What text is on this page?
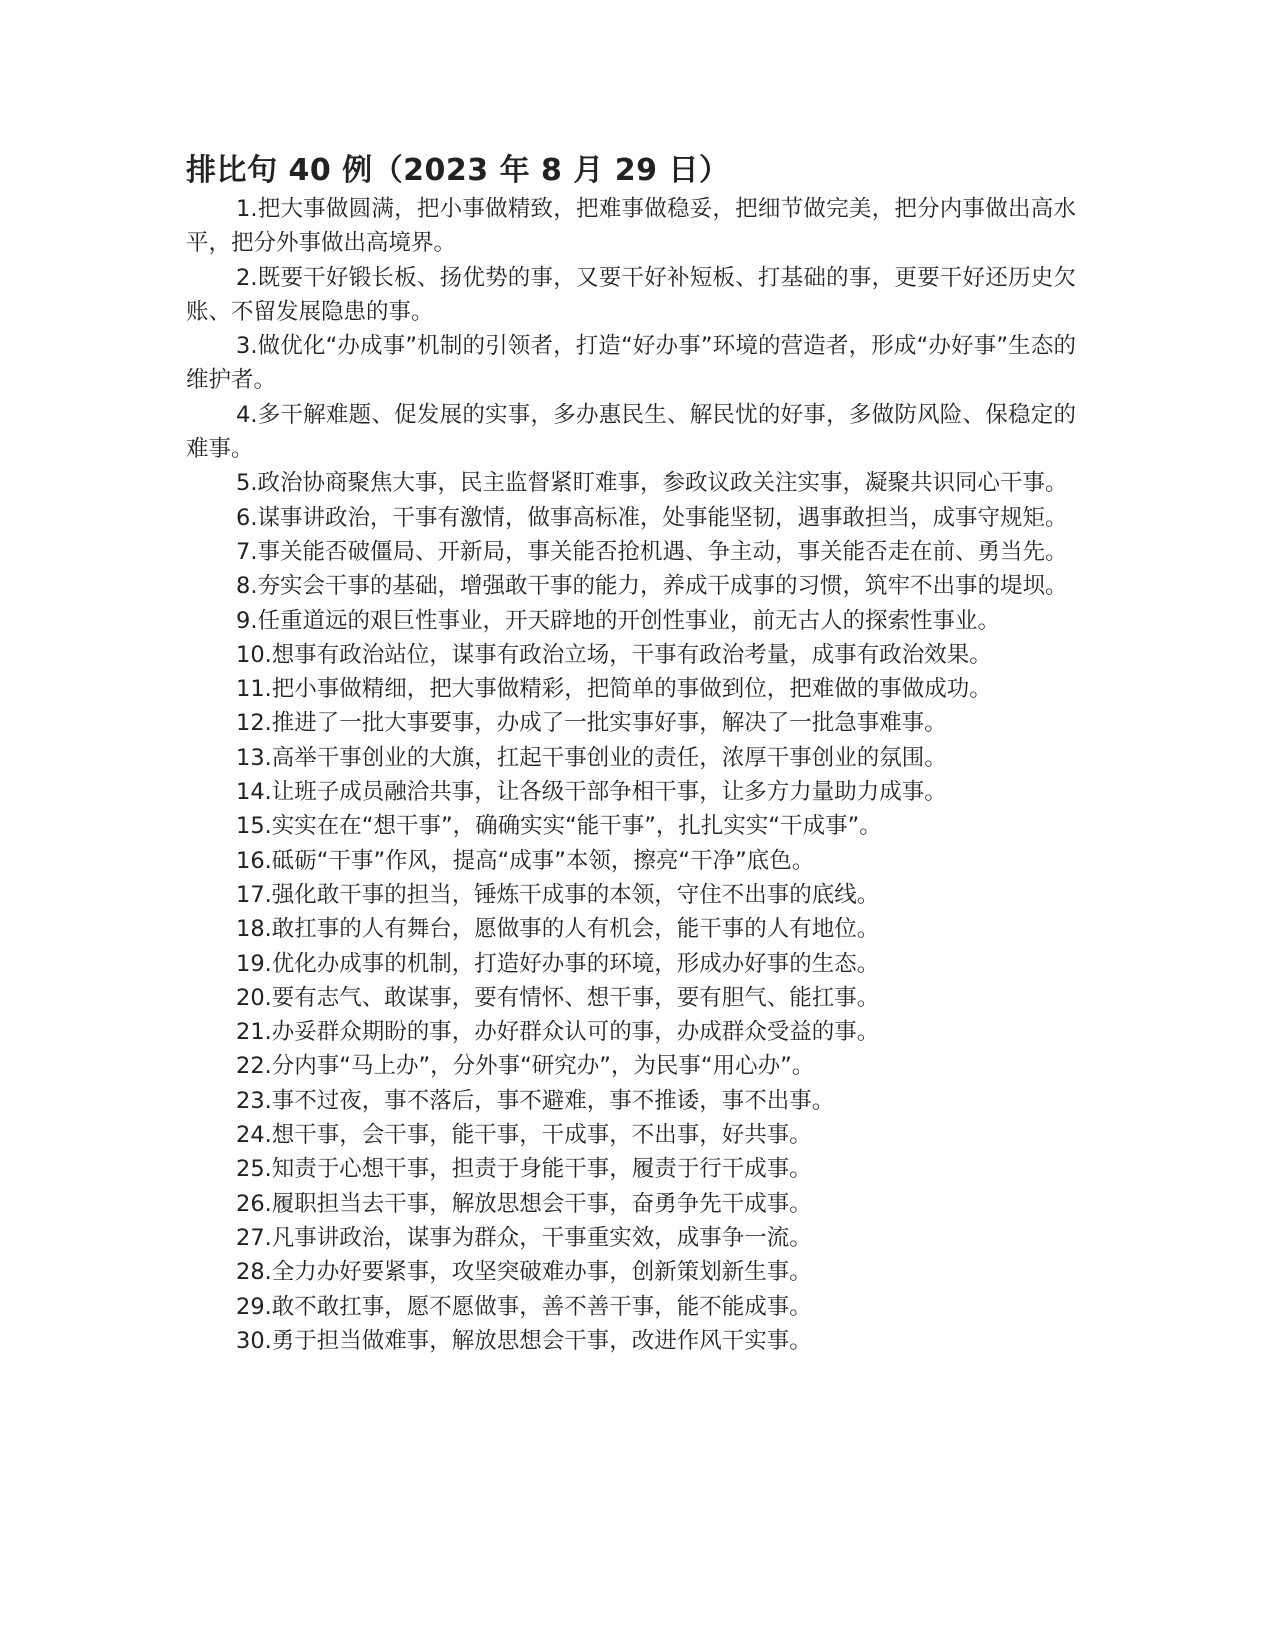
排比句 40 例（2023 年 8 月 29 日）

1.把大事做圆满，把小事做精致，把难事做稳妥，把细节做完美，把分内事做出高水平，把分外事做出高境界。

2.既要干好锻长板、扬优势的事，又要干好补短板、打基础的事，更要干好还历史欠账、不留发展隐患的事。

3.做优化“办成事”机制的引领者，打造“好办事”环境的营造者，形成“办好事”生态的维护者。

4.多干解难题、促发展的实事，多办惠民生、解民忧的好事，多做防风险、保稳定的难事。

5.政治协商聚焦大事，民主监督紧盯难事，参政议政关注实事，凝聚共识同心干事。

6.谋事讲政治，干事有激情，做事高标准，处事能坚韧，遇事敢担当，成事守规矩。

7.事关能否破僵局、开新局，事关能否抢机遇、争主动，事关能否走在前、勇当先。

8.夯实会干事的基础，增强敢干事的能力，养成干成事的习惯，筑牢不出事的堤坝。

9.任重道远的艰巨性事业，开天辟地的开创性事业，前无古人的探索性事业。

10.想事有政治站位，谋事有政治立场，干事有政治考量，成事有政治效果。

11.把小事做精细，把大事做精彩，把简单的事做到位，把难做的事做成功。

12.推进了一批大事要事，办成了一批实事好事，解决了一批急事难事。

13.高举干事创业的大旗，扛起干事创业的责任，浓厚干事创业的氛围。

14.让班子成员融洽共事，让各级干部争相干事，让多方力量助力成事。

15.实实在在“想干事”，确确实实“能干事”，扎扎实实“干成事”。

16.砥砺“干事”作风，提高“成事”本领，擦亮“干净”底色。

17.强化敢干事的担当，锤炼干成事的本领，守住不出事的底线。

18.敢扛事的人有舞台，愿做事的人有机会，能干事的人有地位。

19.优化办成事的机制，打造好办事的环境，形成办好事的生态。

20.要有志气、敢谋事，要有情怀、想干事，要有胆气、能扛事。

21.办妥群众期盼的事，办好群众认可的事，办成群众受益的事。

22.分内事“马上办”，分外事“研究办”，为民事“用心办”。

23.事不过夜，事不落后，事不避难，事不推诿，事不出事。

24.想干事，会干事，能干事，干成事，不出事，好共事。

25.知责于心想干事，担责于身能干事，履责于行干成事。

26.履职担当去干事，解放思想会干事，奋勇争先干成事。

27.凡事讲政治，谋事为群众，干事重实效，成事争一流。

28.全力办好要紧事，攻坚突破难办事，创新策划新生事。

29.敢不敢扛事，愿不愿做事，善不善干事，能不能成事。

30.勇于担当做难事，解放思想会干事，改进作风干实事。
